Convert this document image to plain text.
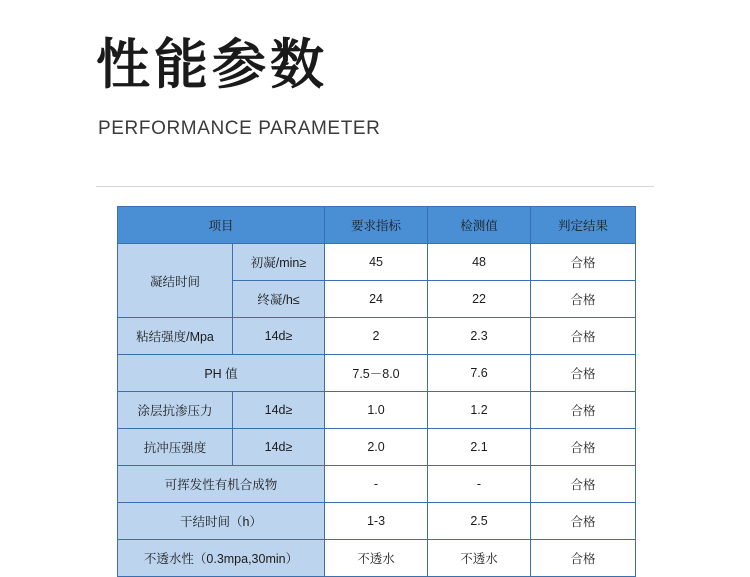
性能参数
PERFORMANCE PARAMETER
项目		要求指标	检测值	判定结果
凝结时间	初凝/min≥	45	48	合格
	终凝/h≤	24	22	合格
粘结强度/Mpa	14d≥	2	2.3	合格
PH 值		7.5－8.0	7.6	合格
涂层抗渗压力	14d≥	1.0	1.2	合格
抗冲压强度	14d≥	2.0	2.1	合格
可挥发性有机合成物		-	-	合格
干结时间（h）		1-3	2.5	合格
不透水性（0.3mpa,30min）		不透水	不透水	合格
